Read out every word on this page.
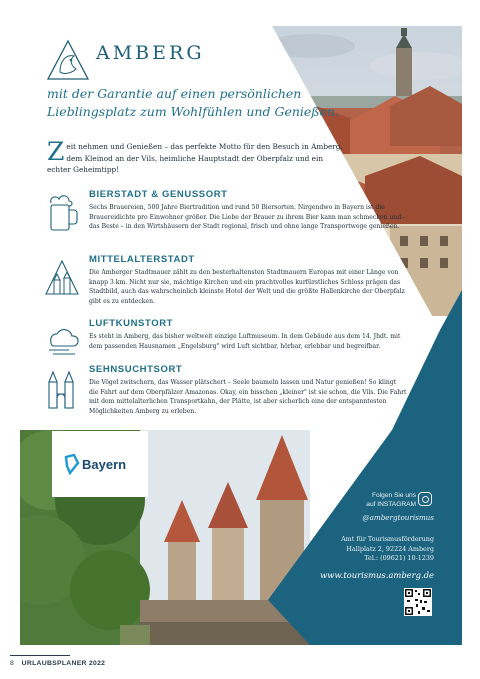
AMBERG
mit der Garantie auf einen persönlichen Lieblingsplatz zum Wohlfühlen und Genießen.
Zeit nehmen und Genießen – das perfekte Motto für den Besuch in Amberg, dem Kleinod an der Vils, heimliche Hauptstadt der Oberpfalz und ein echter Geheimtipp!
BIERSTADT & GENUSSORT

Sechs Brauereien, 500 Jahre Biertradition und rund 50 Biersorten. Nirgendwo in Bayern ist die Brauereidichte pro Einwohner größer. Die Liebe der Brauer zu ihrem Bier kann man schmecken und – das Beste – in den Wirtshäusern der Stadt regional, frisch und ohne lange Transportwege genießen.

MITTELALTERSTADT

Die Amberger Stadtmauer zählt zu den besterhaltensten Stadtmauern Europas mit einer Länge von knapp 3 km. Nicht nur sie, mächtige Kirchen und ein prachtvolles kurfürstliches Schloss prägen das Stadtbild, auch das wahrscheinlich kleinste Hotel der Welt und die größte Hallenkirche der Oberpfalz gibt es zu entdecken.

LUFTKUNSTORT

Es steht in Amberg, das bisher weltweit einzige Luftmuseum. In dem Gebäude aus dem 14. Jhdt. mit dem passenden Hausnamen „Engelsburg" wird Luft sichtbar, hörbar, erlebbar und begreifbar.

SEHNSUCHTSORT

Die Vögel zwitschern, das Wasser plätschert – Seele baumeln lassen und Natur genießen! So klingt die Fahrt auf dem Oberpfälzer Amazonas. Okay, ein bisschen „kleiner" ist sie schon, die Vils. Die Fahrt mit dem mittelalterlichen Transportkahn, der Plätte, ist aber sicherlich eine der entspanntesten Möglichkeiten Amberg zu erleben.

Bayern
Folgen Sie uns
auf INSTAGRAM
@ambergtourismus
Amt für Tourismusförderung
Hallplatz 2, 92224 Amberg
Tel.: (09621) 10-1239
www.tourismus.amberg.de
8 URLAUBSPLANER 2022
